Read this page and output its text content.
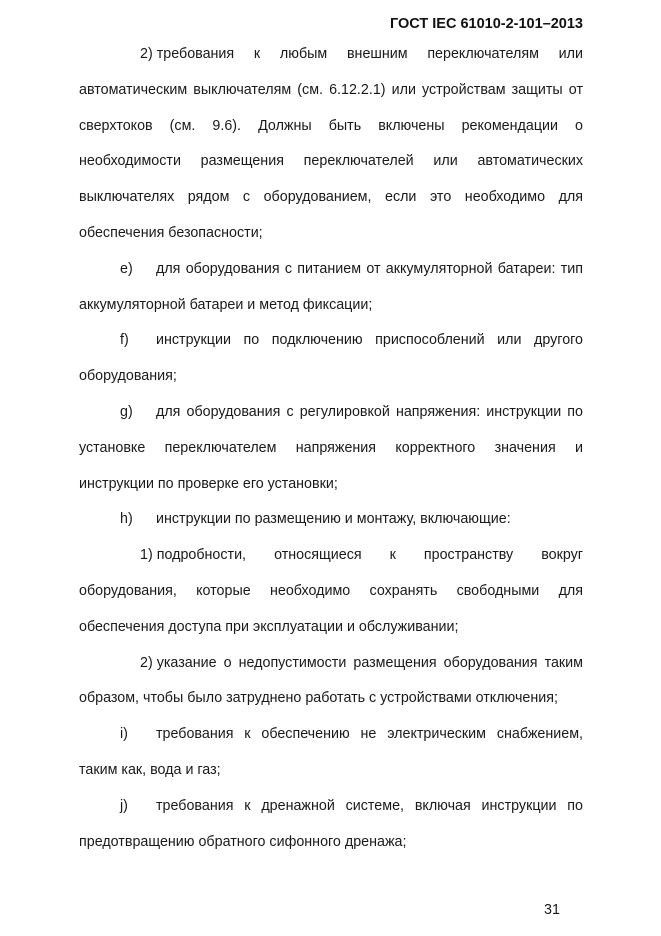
ГОСТ IEC 61010-2-101–2013

2) требования к любым внешним переключателям или автоматическим выключателям (см. 6.12.2.1) или устройствам защиты от сверхтоков (см. 9.6). Должны быть включены рекомендации о необходимости размещения переключателей или автоматических выключателях рядом с оборудованием, если это необходимо для обеспечения безопасности;

e) для оборудования с питанием от аккумуляторной батареи: тип аккумуляторной батареи и метод фиксации;

f) инструкции по подключению приспособлений или другого оборудования;

g) для оборудования с регулировкой напряжения: инструкции по установке переключателем напряжения корректного значения и инструкции по проверке его установки;

h) инструкции по размещению и монтажу, включающие:

1) подробности, относящиеся к пространству вокруг оборудования, которые необходимо сохранять свободными для обеспечения доступа при эксплуатации и обслуживании;

2) указание о недопустимости размещения оборудования таким образом, чтобы было затруднено работать с устройствами отключения;

i) требования к обеспечению не электрическим снабжением, таким как, вода и газ;

j) требования к дренажной системе, включая инструкции по предотвращению обратного сифонного дренажа;

31
